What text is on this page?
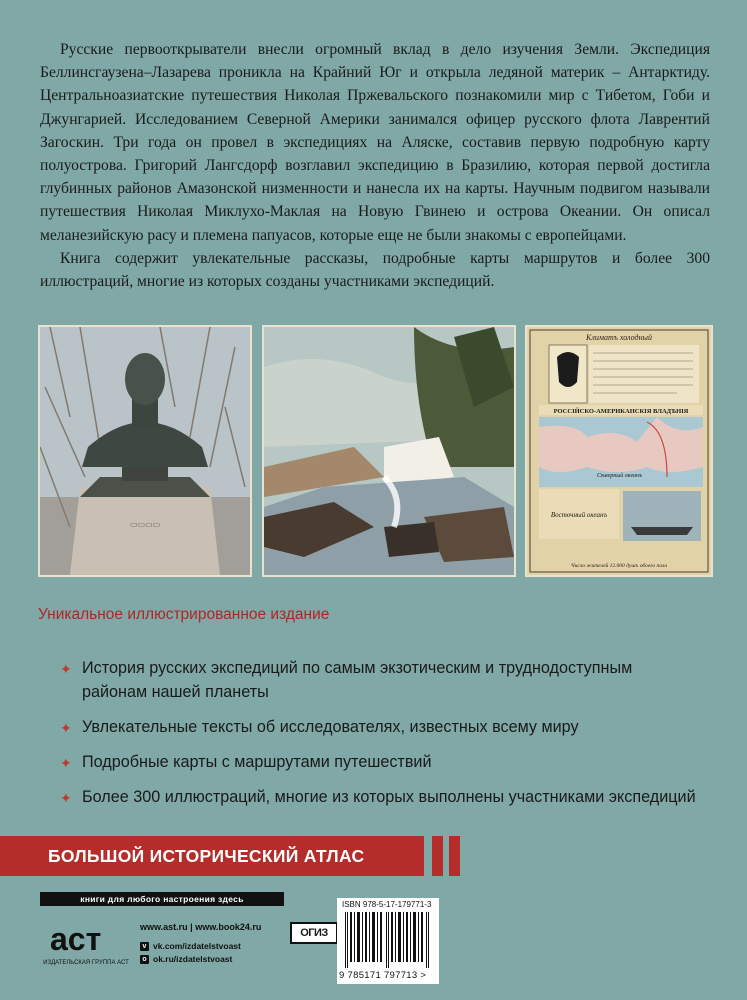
Русские первооткрыватели внесли огромный вклад в дело изучения Земли. Экспедиция Беллинсгаузена–Лазарева проникла на Крайний Юг и открыла ледяной материк – Антарктиду. Центральноазиатские путешествия Николая Пржевальского познакомили мир с Тибетом, Гоби и Джунгарией. Исследованием Северной Америки занимался офицер русского флота Лаврентий Загоскин. Три года он провел в экспедициях на Аляске, составив первую подробную карту полуострова. Григорий Лангсдорф возглавил экспедицию в Бразилию, которая первой достигла глубинных районов Амазонской низменности и нанесла их на карты. Научным подвигом называли путешествия Николая Миклухо-Маклая на Новую Гвинею и острова Океании. Он описал меланезийскую расу и племена папуасов, которые еще не были знакомы с европейцами.

Книга содержит увлекательные рассказы, подробные карты маршрутов и более 300 иллюстраций, многие из которых созданы участниками экспедиций.

▭▭▭▭
Климатъ холодный
РОССІЙСКО-АМЕРИКАНСКІЯ ВЛАДѢНІЯ
Сѣверный океанъ
Восточный океанъ
Число жителей 12.000 душъ обоего пола
Уникальное иллюстрированное издание
✦ История русских экспедиций по самым экзотическим и труднодоступным районам нашей планеты
✦ Увлекательные тексты об исследователях, известных всему миру
✦ Подробные карты с маршрутами путешествий
✦ Более 300 иллюстраций, многие из которых выполнены участниками экспедиций
БОЛЬШОЙ ИСТОРИЧЕСКИЙ АТЛАС
книги для любого настроения здесь
аст
ИЗДАТЕЛЬСКАЯ ГРУППА АСТ
www.ast.ru | www.book24.ru
v vk.com/izdatelstvoast
o ok.ru/izdatelstvoast
ОГИЗ
ISBN 978-5-17-179771-3
9 785171 797713 >
